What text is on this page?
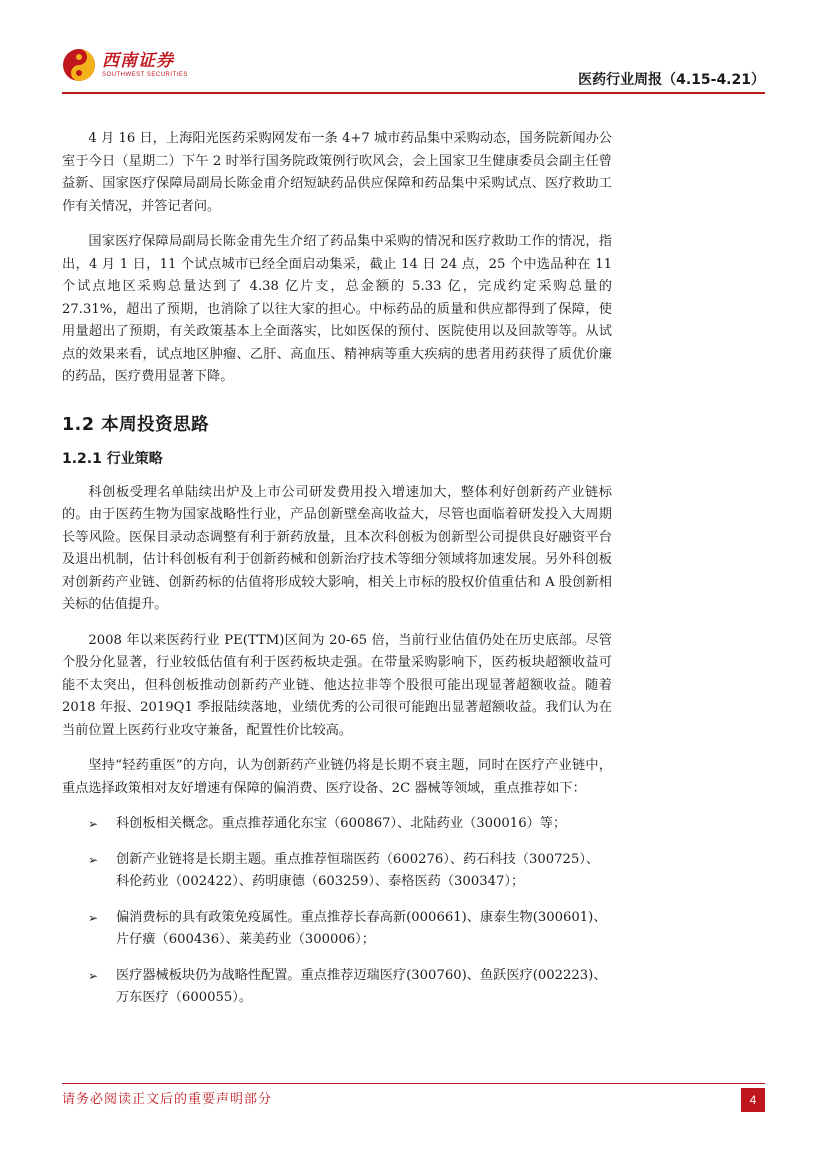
西南证券
SOUTHWEST SECURITIES	医药行业周报（4.15-4.21）

4 月 16 日，上海阳光医药采购网发布一条 4+7 城市药品集中采购动态，国务院新闻办公室于今日（星期二）下午 2 时举行国务院政策例行吹风会，会上国家卫生健康委员会副主任曾益新、国家医疗保障局副局长陈金甫介绍短缺药品供应保障和药品集中采购试点、医疗救助工作有关情况，并答记者问。

国家医疗保障局副局长陈金甫先生介绍了药品集中采购的情况和医疗救助工作的情况，指出，4 月 1 日，11 个试点城市已经全面启动集采，截止 14 日 24 点，25 个中选品种在 11 个试点地区采购总量达到了 4.38 亿片支，总金额的 5.33 亿，完成约定采购总量的 27.31%，超出了预期，也消除了以往大家的担心。中标药品的质量和供应都得到了保障，使用量超出了预期，有关政策基本上全面落实，比如医保的预付、医院使用以及回款等等。从试点的效果来看，试点地区肿瘤、乙肝、高血压、精神病等重大疾病的患者用药获得了质优价廉的药品，医疗费用显著下降。

1.2 本周投资思路
1.2.1 行业策略

科创板受理名单陆续出炉及上市公司研发费用投入增速加大，整体利好创新药产业链标的。由于医药生物为国家战略性行业，产品创新壁垒高收益大，尽管也面临着研发投入大周期长等风险。医保目录动态调整有利于新药放量，且本次科创板为创新型公司提供良好融资平台及退出机制，估计科创板有利于创新药械和创新治疗技术等细分领域将加速发展。另外科创板对创新药产业链、创新药标的估值将形成较大影响，相关上市标的股权价值重估和 A 股创新相关标的估值提升。

2008 年以来医药行业 PE(TTM)区间为 20-65 倍，当前行业估值仍处在历史底部。尽管个股分化显著，行业较低估值有利于医药板块走强。在带量采购影响下，医药板块超额收益可能不太突出，但科创板推动创新药产业链、他达拉非等个股很可能出现显著超额收益。随着 2018 年报、2019Q1 季报陆续落地，业绩优秀的公司很可能跑出显著超额收益。我们认为在当前位置上医药行业攻守兼备，配置性价比较高。

坚持“轻药重医”的方向，认为创新药产业链仍将是长期不衰主题，同时在医疗产业链中，重点选择政策相对友好增速有保障的偏消费、医疗设备、2C 器械等领域，重点推荐如下：

➢	科创板相关概念。重点推荐通化东宝（600867）、北陆药业（300016）等；
➢	创新产业链将是长期主题。重点推荐恒瑞医药（600276）、药石科技（300725）、科伦药业（002422）、药明康德（603259）、泰格医药（300347）；
➢	偏消费标的具有政策免疫属性。重点推荐长春高新(000661)、康泰生物(300601)、片仔癀（600436）、莱美药业（300006）；
➢	医疗器械板块仍为战略性配置。重点推荐迈瑞医疗(300760)、鱼跃医疗(002223)、万东医疗（600055）。
请务必阅读正文后的重要声明部分	4
